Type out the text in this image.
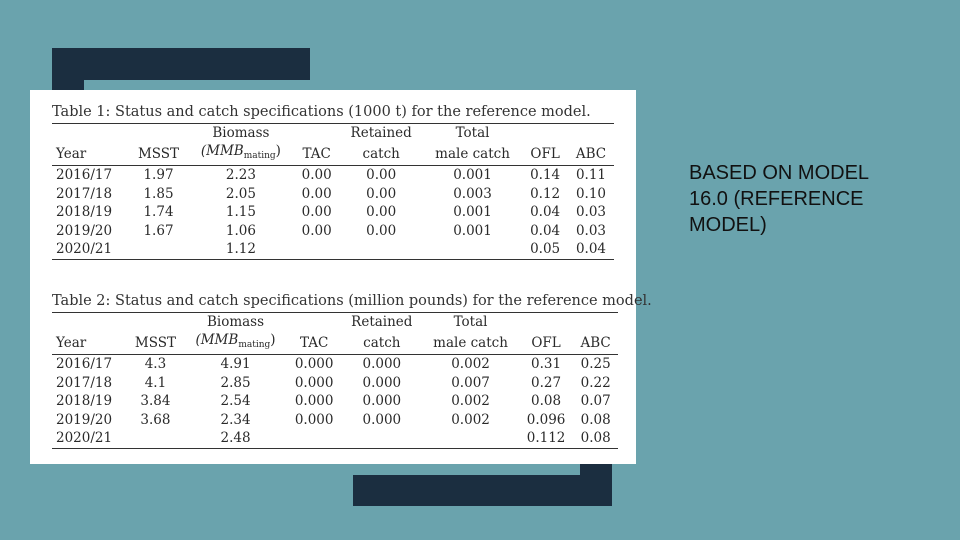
Table 1: Status and catch specifications (1000 t) for the reference model.
		Biomass		Retained	Total		
Year	MSST	$(MMB_{mating})$	TAC	catch	male catch	OFL	ABC
2016/17	1.97	2.23	0.00	0.00	0.001	0.14	0.11
2017/18	1.85	2.05	0.00	0.00	0.003	0.12	0.10
2018/19	1.74	1.15	0.00	0.00	0.001	0.04	0.03
2019/20	1.67	1.06	0.00	0.00	0.001	0.04	0.03
2020/21		1.12				0.05	0.04
Table 2: Status and catch specifications (million pounds) for the reference model.
		Biomass		Retained	Total		
Year	MSST	$(MMB_{mating})$	TAC	catch	male catch	OFL	ABC
2016/17	4.3	4.91	0.000	0.000	0.002	0.31	0.25
2017/18	4.1	2.85	0.000	0.000	0.007	0.27	0.22
2018/19	3.84	2.54	0.000	0.000	0.002	0.08	0.07
2019/20	3.68	2.34	0.000	0.000	0.002	0.096	0.08
2020/21		2.48				0.112	0.08
BASED ON MODEL
16.0 (REFERENCE
MODEL)
